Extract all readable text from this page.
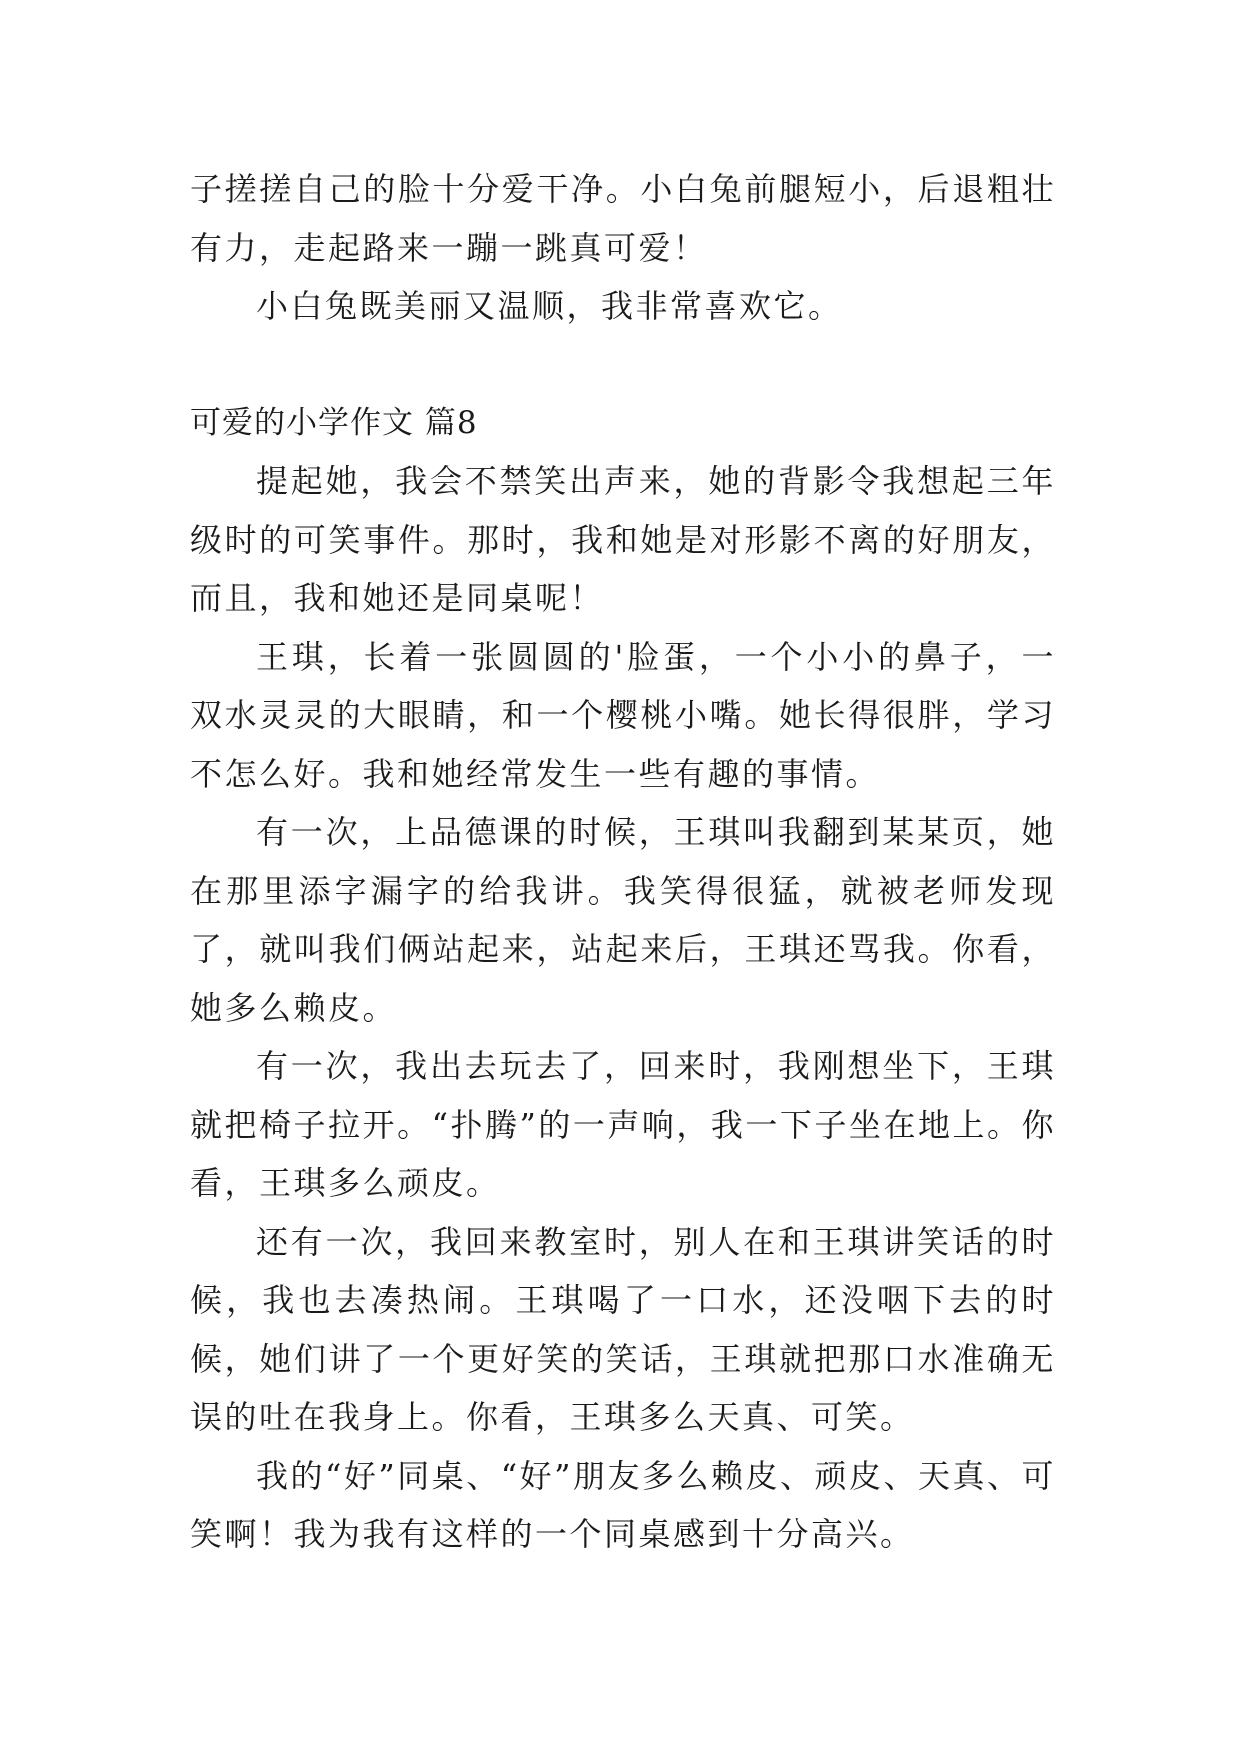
子搓搓自己的脸十分爱干净。小白兔前腿短小，后退粗壮有力，走起路来一蹦一跳真可爱！

小白兔既美丽又温顺，我非常喜欢它。

可爱的小学作文 篇8

提起她，我会不禁笑出声来，她的背影令我想起三年级时的可笑事件。那时，我和她是对形影不离的好朋友，而且，我和她还是同桌呢！

王琪，长着一张圆圆的'脸蛋，一个小小的鼻子，一双水灵灵的大眼睛，和一个樱桃小嘴。她长得很胖，学习不怎么好。我和她经常发生一些有趣的事情。

有一次，上品德课的时候，王琪叫我翻到某某页，她在那里添字漏字的给我讲。我笑得很猛，就被老师发现了，就叫我们俩站起来，站起来后，王琪还骂我。你看，她多么赖皮。

有一次，我出去玩去了，回来时，我刚想坐下，王琪就把椅子拉开。“扑腾”的一声响，我一下子坐在地上。你看，王琪多么顽皮。

还有一次，我回来教室时，别人在和王琪讲笑话的时候，我也去凑热闹。王琪喝了一口水，还没咽下去的时候，她们讲了一个更好笑的笑话，王琪就把那口水准确无误的吐在我身上。你看，王琪多么天真、可笑。

我的“好”同桌、“好”朋友多么赖皮、顽皮、天真、可笑啊！我为我有这样的一个同桌感到十分高兴。
